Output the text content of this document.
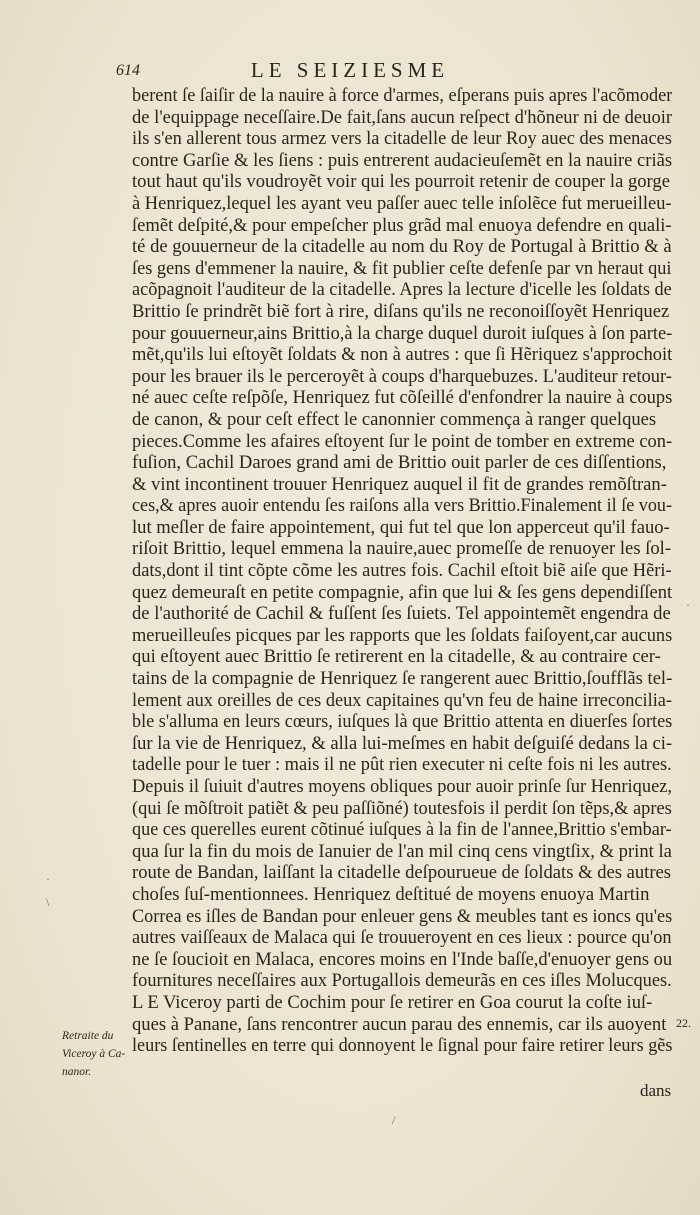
614	LE SEIZIESME
berent ſe ſaiſir de la nauire à force d'armes, eſperans puis apres l'acõmoder
de l'equippage neceſſaire.De fait,ſans aucun reſpect d'hõneur ni de deuoir
ils s'en allerent tous armez vers la citadelle de leur Roy auec des menaces
contre Garſie & les ſiens : puis entrerent audacieuſemẽt en la nauire criãs
tout haut qu'ils voudroyẽt voir qui les pourroit retenir de couper la gorge
à Henriquez,lequel les ayant veu paſſer auec telle inſolẽce fut merueilleu-
ſemẽt deſpité,& pour empeſcher plus grãd mal enuoya defendre en quali-
té de gouuerneur de la citadelle au nom du Roy de Portugal à Brittio & à
ſes gens d'emmener la nauire, & fit publier ceſte defenſe par vn heraut qui
acõpagnoit l'auditeur de la citadelle. Apres la lecture d'icelle les ſoldats de
Brittio ſe prindrẽt biẽ fort à rire, diſans qu'ils ne reconoiſſoyẽt Henriquez
pour gouuerneur,ains Brittio,à la charge duquel duroit iuſques à ſon parte-
mẽt,qu'ils lui eſtoyẽt ſoldats & non à autres : que ſi Hẽriquez s'approchoit
pour les brauer ils le perceroyẽt à coups d'harquebuzes. L'auditeur retour-
né auec ceſte reſpõſe, Henriquez fut cõſeillé d'enfondrer la nauire à coups
de canon, & pour ceſt effect le canonnier commença à ranger quelques
pieces.Comme les afaires eſtoyent ſur le point de tomber en extreme con-
fuſion, Cachil Daroes grand ami de Brittio ouit parler de ces diſſentions,
& vint incontinent trouuer Henriquez auquel il fit de grandes remõſtran-
ces,& apres auoir entendu ſes raiſons alla vers Brittio.Finalement il ſe vou-
lut meſler de faire appointement, qui fut tel que lon apperceut qu'il fauo-
riſoit Brittio, lequel emmena la nauire,auec promeſſe de renuoyer les ſol-
dats,dont il tint cõpte cõme les autres fois. Cachil eſtoit biẽ aiſe que Hẽri-
quez demeuraſt en petite compagnie, afin que lui & ſes gens dependiſſent
de l'authorité de Cachil & fuſſent ſes ſuiets. Tel appointemẽt engendra de
merueilleuſes picques par les rapports que les ſoldats faiſoyent,car aucuns
qui eſtoyent auec Brittio ſe retirerent en la citadelle, & au contraire cer-
tains de la compagnie de Henriquez ſe rangerent auec Brittio,ſoufflãs tel-
lement aux oreilles de ces deux capitaines qu'vn feu de haine irreconcilia-
ble s'alluma en leurs cœurs, iuſques là que Brittio attenta en diuerſes ſortes
ſur la vie de Henriquez, & alla lui-meſmes en habit deſguiſé dedans la ci-
tadelle pour le tuer : mais il ne pût rien executer ni ceſte fois ni les autres.
Depuis il ſuiuit d'autres moyens obliques pour auoir prinſe ſur Henriquez,
(qui ſe mõſtroit patiẽt & peu paſſiõné) toutesfois il perdit ſon tẽps,& apres
que ces querelles eurent cõtinué iuſques à la fin de l'annee,Brittio s'embar-
qua ſur la fin du mois de Ianuier de l'an mil cinq cens vingtſix, & print la
route de Bandan, laiſſant la citadelle deſpourueue de ſoldats & des autres
choſes ſuſ-mentionnees. Henriquez deſtitué de moyens enuoya Martin
Correa es iſles de Bandan pour enleuer gens & meubles tant es ioncs qu'es
autres vaiſſeaux de Malaca qui ſe trouueroyent en ces lieux : pource qu'on
ne ſe ſoucioit en Malaca, encores moins en l'Inde baſſe,d'enuoyer gens ou
fournitures neceſſaires aux Portugallois demeurãs en ces iſles Molucques.
L E Viceroy parti de Cochim pour ſe retirer en Goa courut la coſte iuſ-
ques à Panane, ſans rencontrer aucun parau des ennemis, car ils auoyent
leurs ſentinelles en terre qui donnoyent le ſignal pour faire retirer leurs gẽs
Retraite du
Viceroy à Ca-
nanor.
22.
dans
·
·
\
/
